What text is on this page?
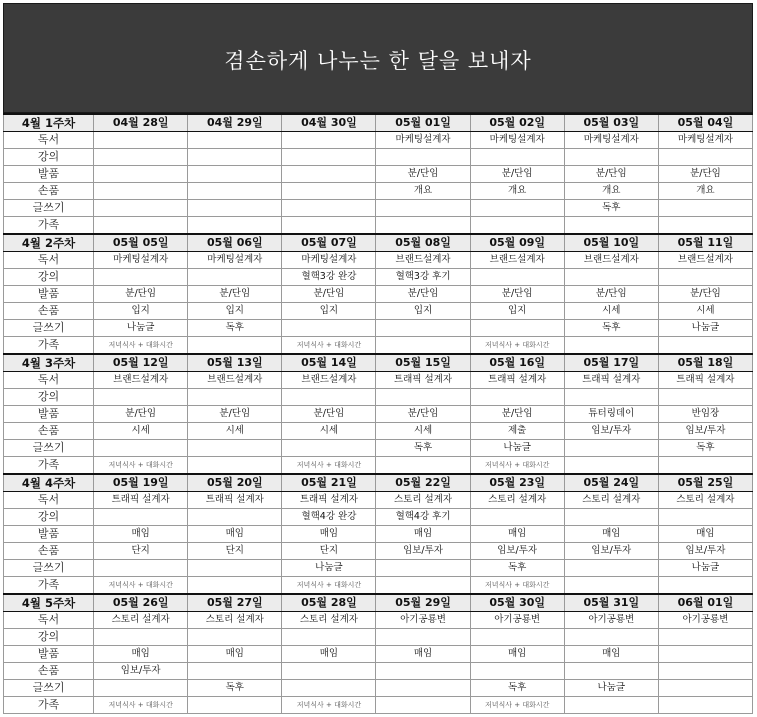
겸손하게 나누는 한 달을 보내자
4월 1주차	04월 28일	04월 29일	04월 30일	05월 01일	05월 02일	05월 03일	05월 04일
독서				마케팅설계자	마케팅설계자	마케팅설계자	마케팅설계자
강의							
발품				분/단임	분/단임	분/단임	분/단임
손품				개요	개요	개요	개요
글쓰기						독후	
가족							
4월 2주차	05월 05일	05월 06일	05월 07일	05월 08일	05월 09일	05월 10일	05월 11일
독서	마케팅설계자	마케팅설계자	마케팅설계자	브랜드설계자	브랜드설계자	브랜드설계자	브랜드설계자
강의			혈핵3강 완강	혈핵3강 후기			
발품	분/단임	분/단임	분/단임	분/단임	분/단임	분/단임	분/단임
손품	입지	입지	입지	입지	입지	시세	시세
글쓰기	나눔글	독후				독후	나눔글
가족	저녁식사 + 대화시간		저녁식사 + 대화시간		저녁식사 + 대화시간		
4월 3주차	05월 12일	05월 13일	05월 14일	05월 15일	05월 16일	05월 17일	05월 18일
독서	브랜드설계자	브랜드설계자	브랜드설계자	트래픽 설계자	트래픽 설계자	트래픽 설계자	트래픽 설계자
강의							
발품	분/단임	분/단임	분/단임	분/단임	분/단임	튜터링데이	반임장
손품	시세	시세	시세	시세	제출	임보/투자	임보/투자
글쓰기				독후	나눔글		독후
가족	저녁식사 + 대화시간		저녁식사 + 대화시간		저녁식사 + 대화시간		
4월 4주차	05월 19일	05월 20일	05월 21일	05월 22일	05월 23일	05월 24일	05월 25일
독서	트래픽 설계자	트래픽 설계자	트래픽 설계자	스토리 설계자	스토리 설계자	스토리 설계자	스토리 설계자
강의			혈핵4강 완강	혈핵4강 후기			
발품	매임	매임	매임	매임	매임	매임	매임
손품	단지	단지	단지	임보/투자	임보/투자	임보/투자	임보/투자
글쓰기			나눔글		독후		나눔글
가족	저녁식사 + 대화시간		저녁식사 + 대화시간		저녁식사 + 대화시간		
4월 5주차	05월 26일	05월 27일	05월 28일	05월 29일	05월 30일	05월 31일	06월 01일
독서	스토리 설계자	스토리 설계자	스토리 설계자	아기공룡변	아기공룡변	아기공룡변	아기공룡변
강의							
발품	매임	매임	매임	매임	매임	매임	
손품	임보/투자						
글쓰기		독후			독후	나눔글	
가족	저녁식사 + 대화시간		저녁식사 + 대화시간		저녁식사 + 대화시간		
